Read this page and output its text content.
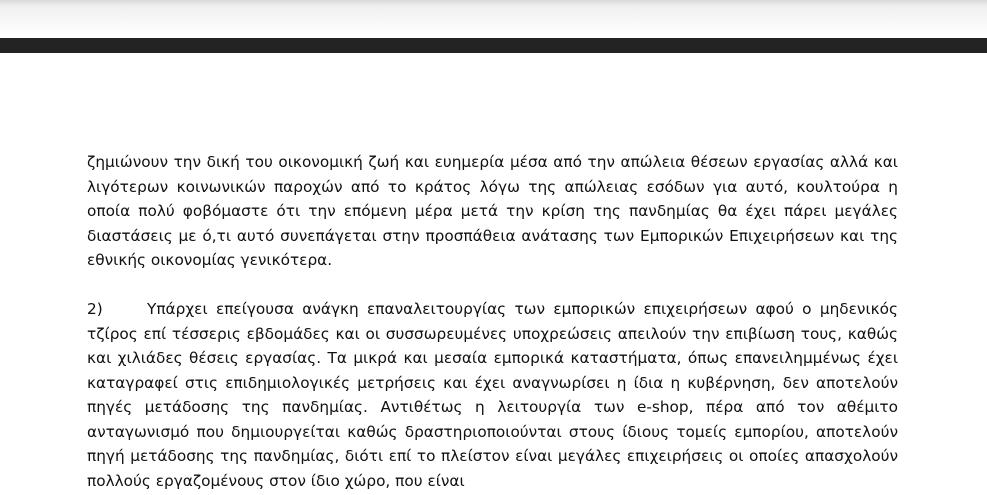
ζημιώνουν την δική του οικονομική ζωή και ευημερία μέσα από την απώλεια θέσεων εργασίας αλλά και λιγότερων κοινωνικών παροχών από το κράτος λόγω της απώλειας εσόδων για αυτό, κουλτούρα η οποία πολύ φοβόμαστε ότι την επόμενη μέρα μετά την κρίση της πανδημίας θα έχει πάρει μεγάλες διαστάσεις με ό,τι αυτό συνεπάγεται στην προσπάθεια ανάτασης των Εμπορικών Επιχειρήσεων και της εθνικής οικονομίας γενικότερα.

2)	Υπάρχει επείγουσα ανάγκη επαναλειτουργίας των εμπορικών επιχειρήσεων αφού ο μηδενικός τζίρος επί τέσσερις εβδομάδες και οι συσσωρευμένες υποχρεώσεις απειλούν την επιβίωση τους, καθώς και χιλιάδες θέσεις εργασίας. Τα μικρά και μεσαία εμπορικά καταστήματα, όπως επανειλημμένως έχει καταγραφεί στις επιδημιολογικές μετρήσεις και έχει αναγνωρίσει η ίδια η κυβέρνηση, δεν αποτελούν πηγές μετάδοσης της πανδημίας. Αντιθέτως η λειτουργία των e-shop, πέρα από τον αθέμιτο ανταγωνισμό που δημιουργείται καθώς δραστηριοποιούνται στους ίδιους τομείς εμπορίου, αποτελούν πηγή μετάδοσης της πανδημίας, διότι επί το πλείστον είναι μεγάλες επιχειρήσεις οι οποίες απασχολούν πολλούς εργαζομένους στον ίδιο χώρο, που είναι
